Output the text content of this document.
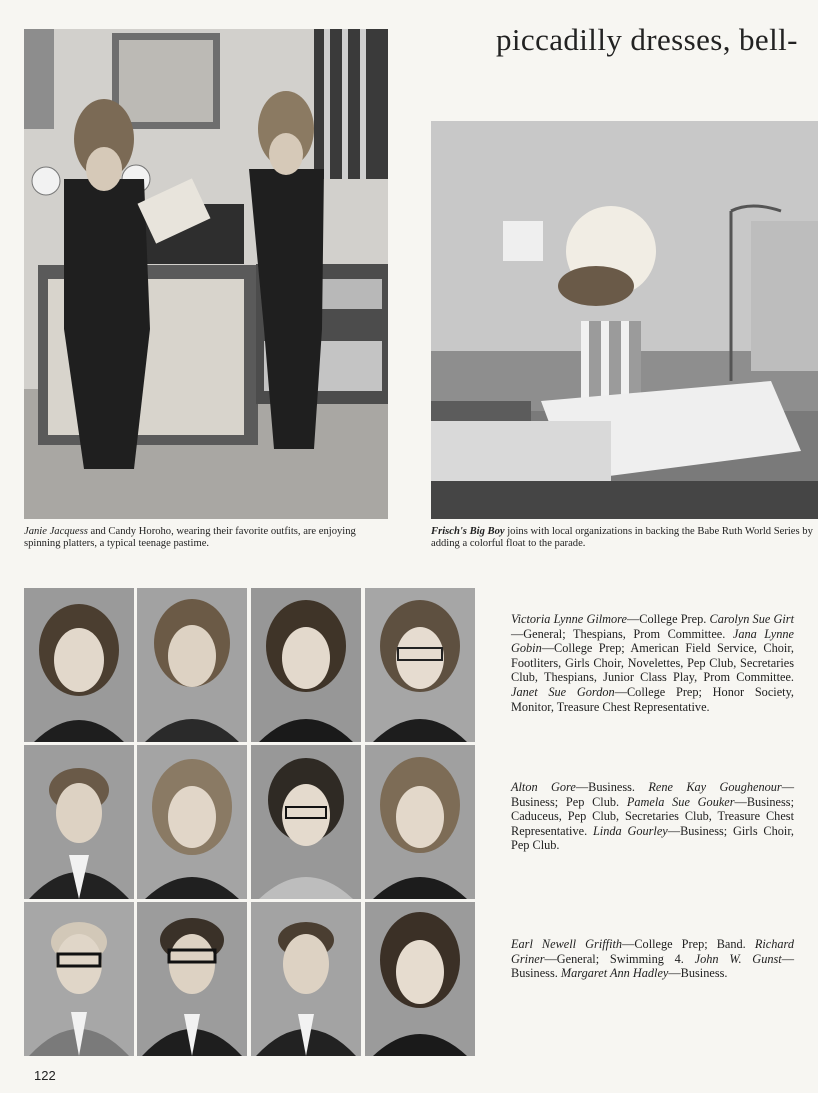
piccadilly dresses, bell-
Janie Jacquess and Candy Horoho, wearing their favorite outfits, are enjoying spinning platters, a typical teenage pastime.
Frisch's Big Boy joins with local organizations in backing the Babe Ruth World Series by adding a colorful float to the parade.
Victoria Lynne Gilmore—College Prep. Carolyn Sue Girt—General; Thespians, Prom Committee. Jana Lynne Gobin—College Prep; American Field Service, Choir, Footliters, Girls Choir, Novelettes, Pep Club, Secretaries Club, Thespians, Junior Class Play, Prom Committee. Janet Sue Gordon—College Prep; Honor Society, Monitor, Treasure Chest Representative.
Alton Gore—Business. Rene Kay Goughenour—Business; Pep Club. Pamela Sue Gouker—Business; Caduceus, Pep Club, Secretaries Club, Treasure Chest Representative. Linda Gourley—Business; Girls Choir, Pep Club.
Earl Newell Griffith—College Prep; Band. Richard Griner—General; Swimming 4. John W. Gunst—Business. Margaret Ann Hadley—Business.
122
